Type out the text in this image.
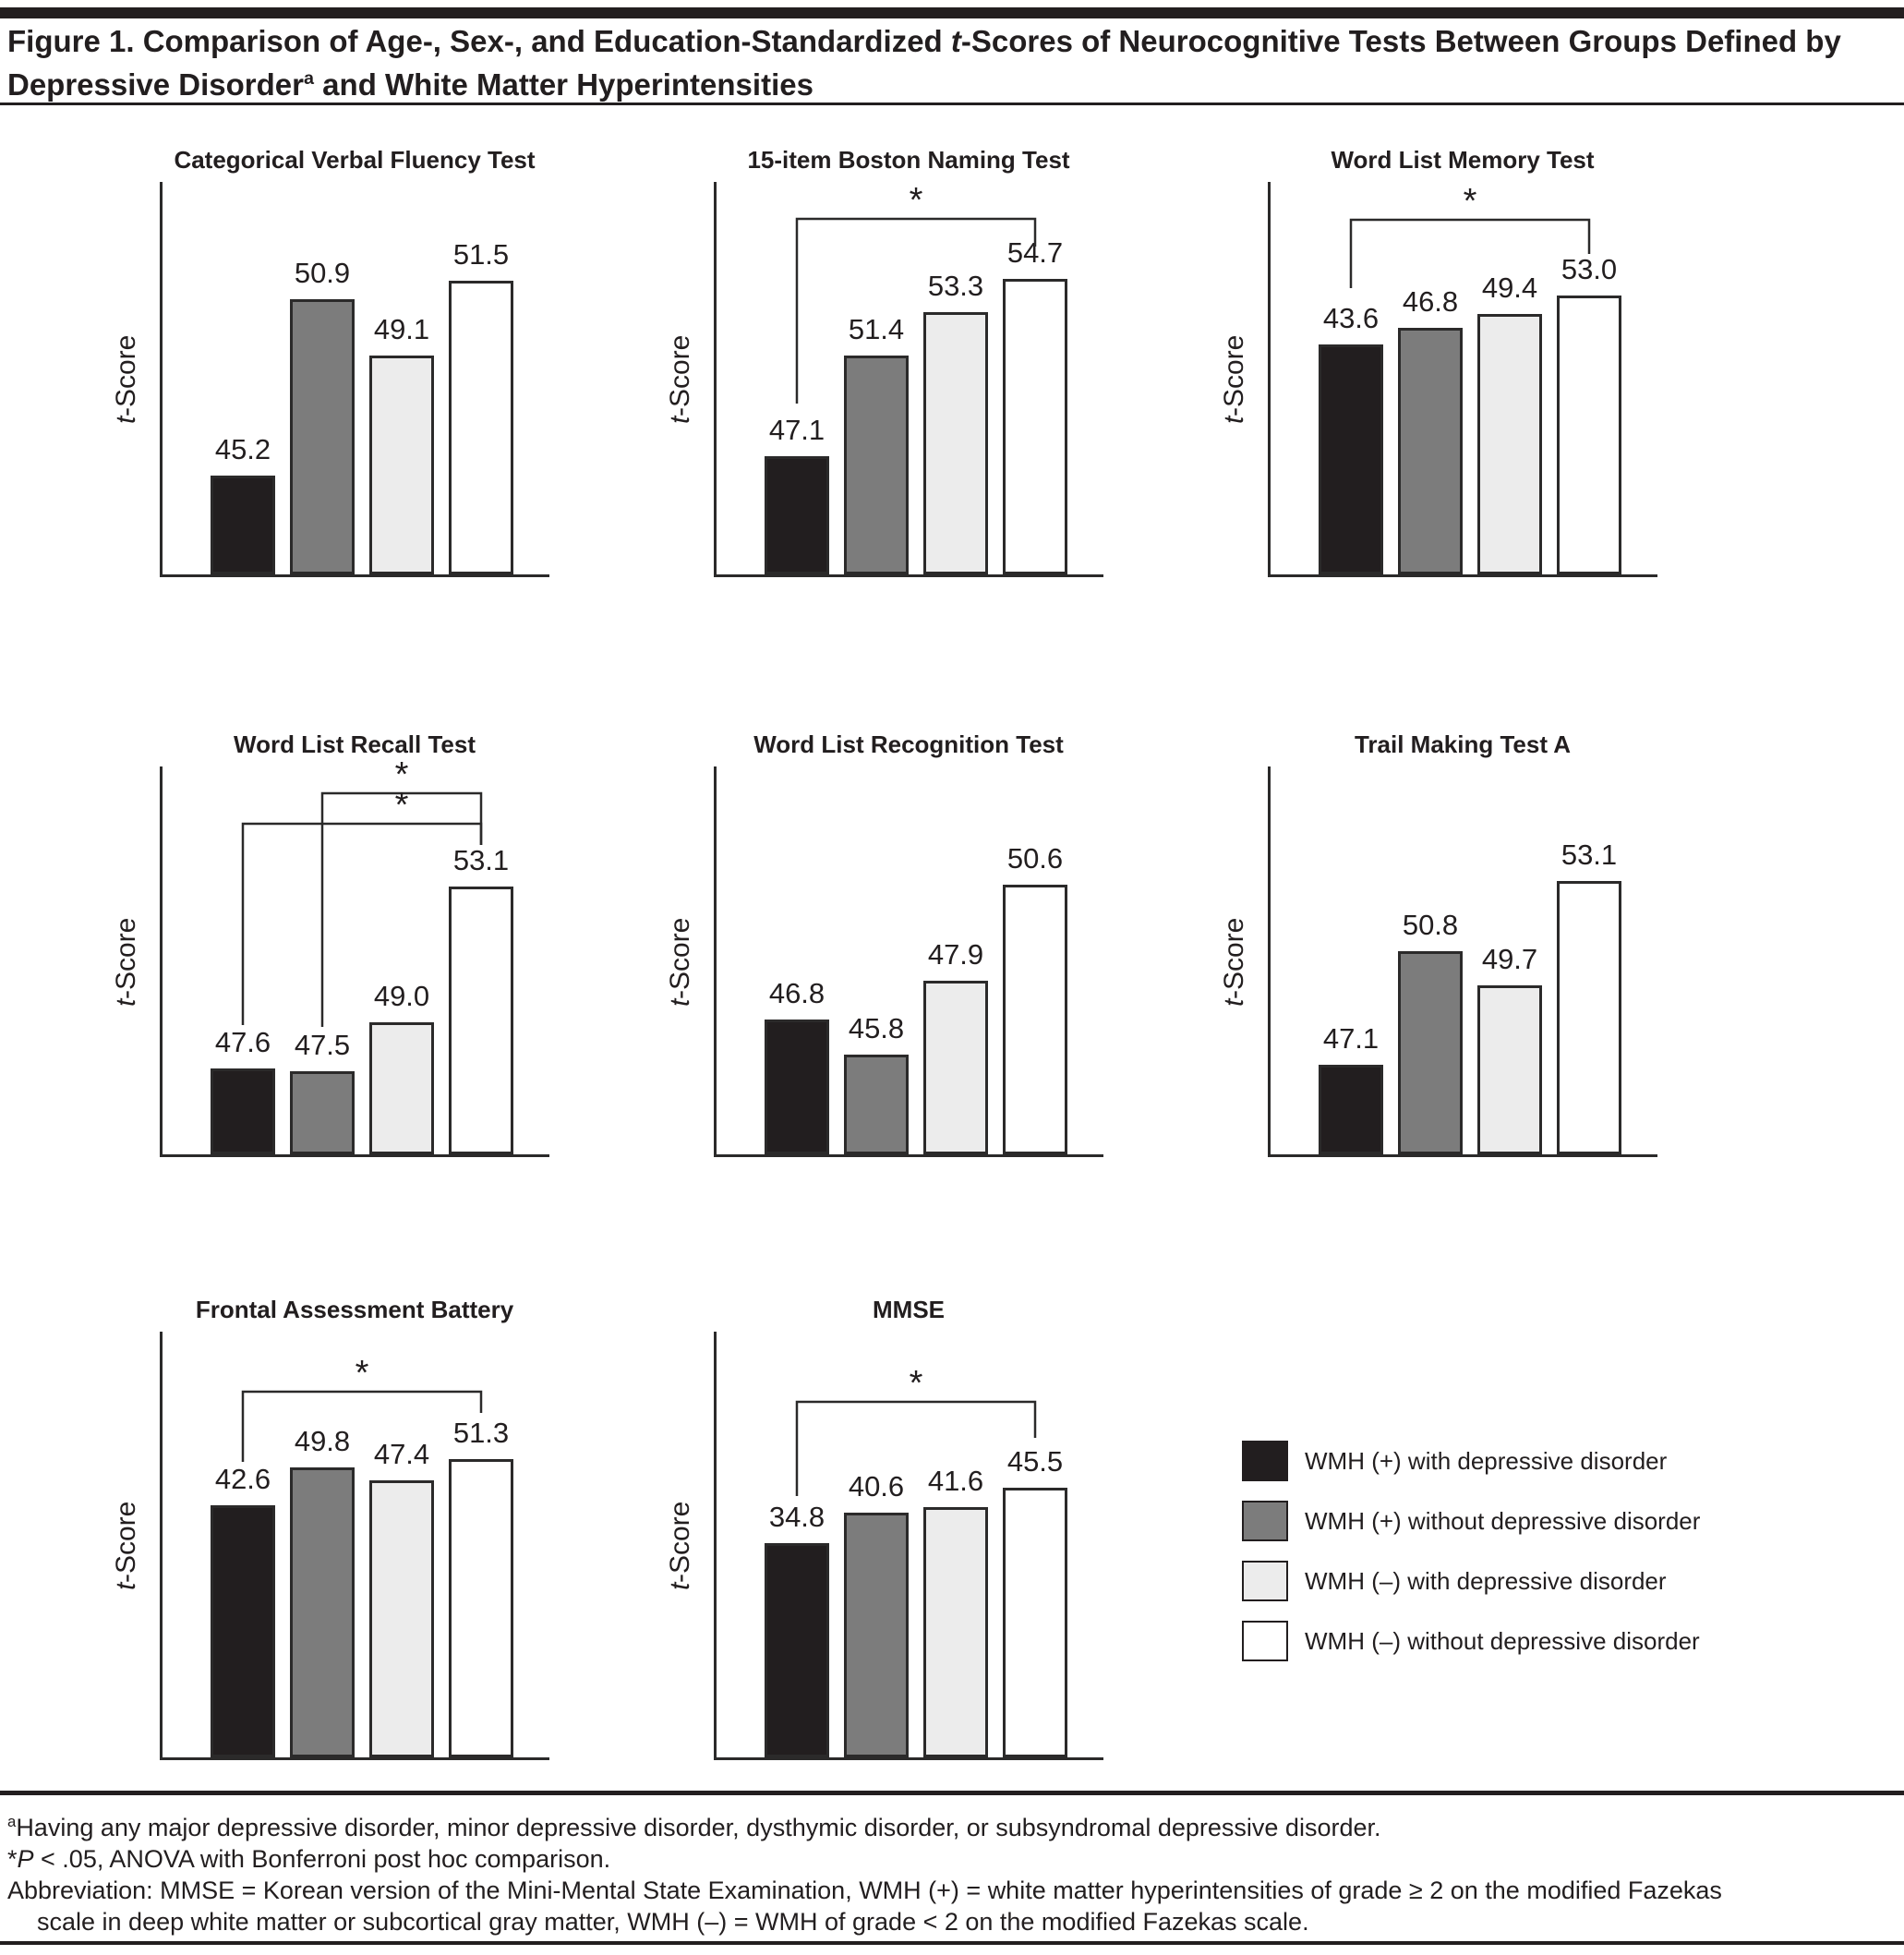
Figure 1. Comparison of Age-, Sex-, and Education-Standardized t-Scores of Neurocognitive Tests Between Groups Defined by
Depressive Disorder$^a$ and White Matter Hyperintensities
Categorical Verbal Fluency Test
t
-Score
45.2
50.9
49.1
51.5
15-item Boston Naming Test
t
-Score
47.1
51.4
53.3
54.7
*
Word List Memory Test
t
-Score
43.6
46.8 49.4
53.0
*
Word List Recall Test
t
-Score
47.6 47.5
49.0
53.1
*
*
Word List Recognition Test
t
-Score	46.8
45.8
47.9
50.6
Trail Making Test A
t
-Score
47.1
50.8
49.7
53.1
Frontal Assessment Battery
t
-Score
42.6
49.8 47.4
51.3
*
MMSE
t
-Score	34.8
40.6 41.6
45.5
*
WMH (+) with depressive disorder
WMH (+) without depressive disorder
WMH (–) with depressive disorder
WMH (–) without depressive disorder

$^a$Having any major depressive disorder, minor depressive disorder, dysthymic disorder, or subsyndromal depressive disorder.

*P < .05, ANOVA with Bonferroni post hoc comparison.

Abbreviation: MMSE = Korean version of the Mini-Mental State Examination, WMH (+) = white matter hyperintensities of grade ≥ 2 on the modified Fazekas

scale in deep white matter or subcortical gray matter, WMH (–) = WMH of grade < 2 on the modified Fazekas scale.
